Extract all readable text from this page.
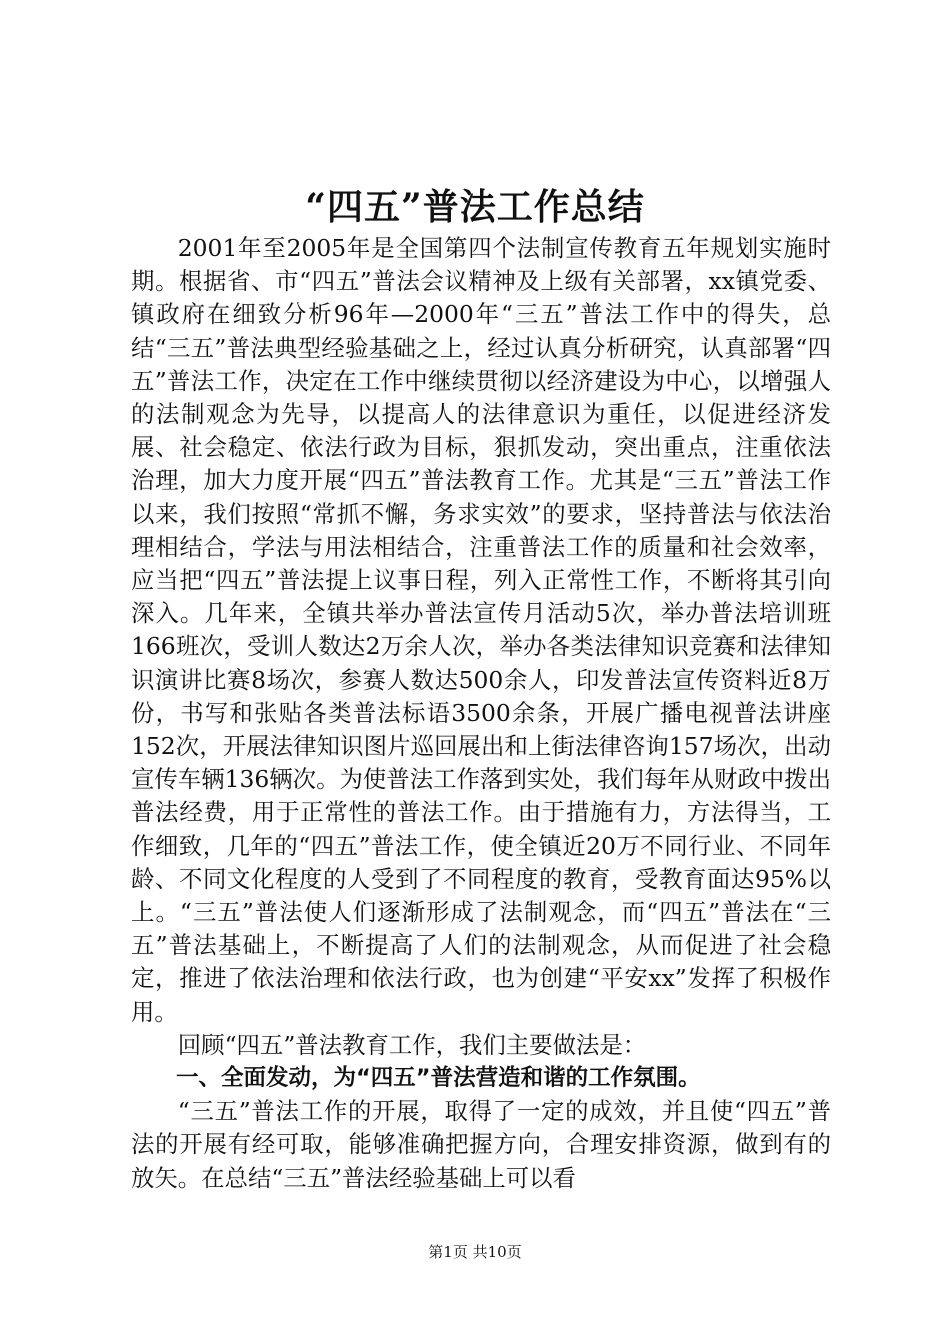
“四五”普法工作总结

2001年至2005年是全国第四个法制宣传教育五年规划实施时期。根据省、市“四五”普法会议精神及上级有关部署，xx镇党委、镇政府在细致分析96年—2000年“三五”普法工作中的得失，总结“三五”普法典型经验基础之上，经过认真分析研究，认真部署“四五”普法工作，决定在工作中继续贯彻以经济建设为中心，以增强人的法制观念为先导，以提高人的法律意识为重任，以促进经济发展、社会稳定、依法行政为目标，狠抓发动，突出重点，注重依法治理，加大力度开展“四五”普法教育工作。尤其是“三五”普法工作以来，我们按照“常抓不懈，务求实效”的要求，坚持普法与依法治理相结合，学法与用法相结合，注重普法工作的质量和社会效率，应当把“四五”普法提上议事日程，列入正常性工作，不断将其引向深入。几年来，全镇共举办普法宣传月活动5次，举办普法培训班166班次，受训人数达2万余人次，举办各类法律知识竞赛和法律知识演讲比赛8场次，参赛人数达500余人，印发普法宣传资料近8万份，书写和张贴各类普法标语3500余条，开展广播电视普法讲座152次，开展法律知识图片巡回展出和上街法律咨询157场次，出动宣传车辆136辆次。为使普法工作落到实处，我们每年从财政中拨出普法经费，用于正常性的普法工作。由于措施有力，方法得当，工作细致，几年的“四五”普法工作，使全镇近20万不同行业、不同年龄、不同文化程度的人受到了不同程度的教育，受教育面达95%以上。“三五”普法使人们逐渐形成了法制观念，而“四五”普法在“三五”普法基础上，不断提高了人们的法制观念，从而促进了社会稳定，推进了依法治理和依法行政，也为创建“平安xx”发挥了积极作用。

回顾“四五”普法教育工作，我们主要做法是：

一、全面发动，为“四五”普法营造和谐的工作氛围。

“三五”普法工作的开展，取得了一定的成效，并且使“四五”普法的开展有经可取，能够准确把握方向，合理安排资源，做到有的放矢。在总结“三五”普法经验基础上可以看

第1页 共10页
